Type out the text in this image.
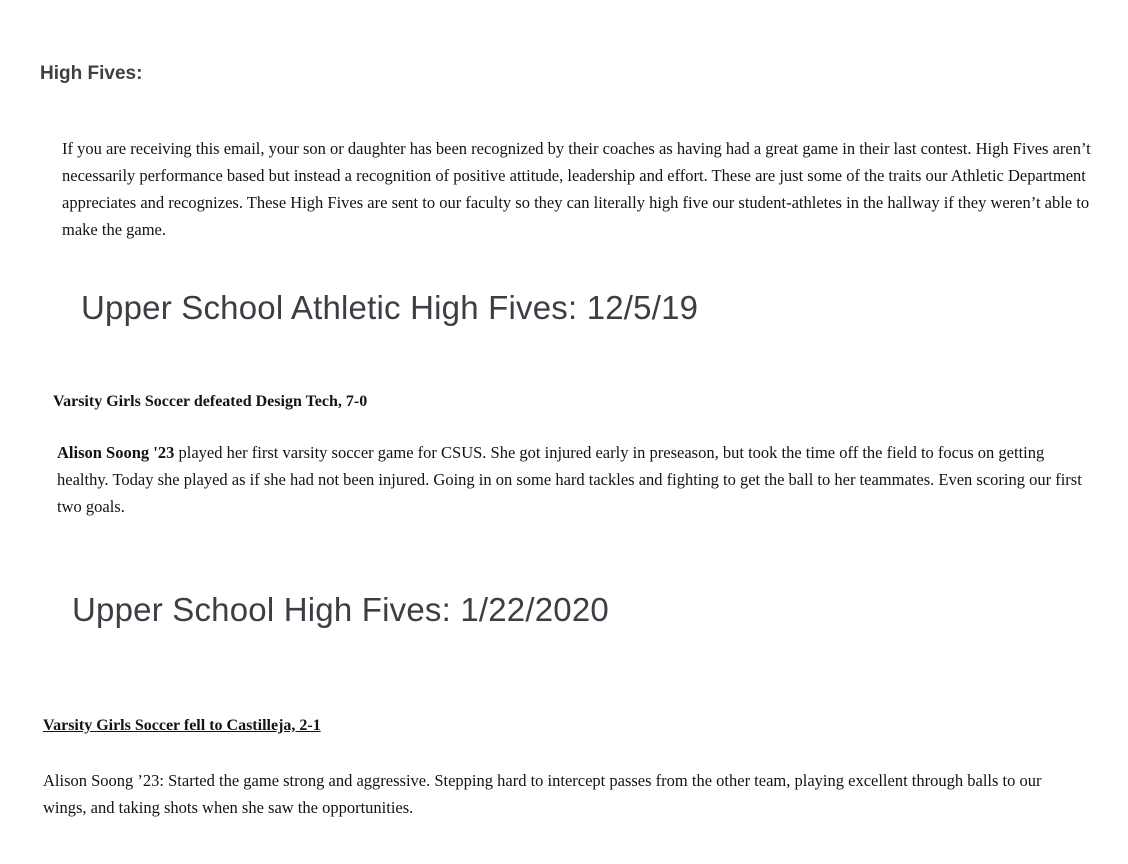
High Fives:

If you are receiving this email, your son or daughter has been recognized by their coaches as having had a great game in their last contest. High Fives aren’t necessarily performance based but instead a recognition of positive attitude, leadership and effort. These are just some of the traits our Athletic Department appreciates and recognizes. These High Fives are sent to our faculty so they can literally high five our student-athletes in the hallway if they weren’t able to make the game.

Upper School Athletic High Fives: 12/5/19
Varsity Girls Soccer defeated Design Tech, 7-0

Alison Soong '23 played her first varsity soccer game for CSUS. She got injured early in preseason, but took the time off the field to focus on getting healthy. Today she played as if she had not been injured. Going in on some hard tackles and fighting to get the ball to her teammates. Even scoring our first two goals.

Upper School High Fives: 1/22/2020
Varsity Girls Soccer fell to Castilleja, 2-1

Alison Soong ’23: Started the game strong and aggressive. Stepping hard to intercept passes from the other team, playing excellent through balls to our wings, and taking shots when she saw the opportunities.
